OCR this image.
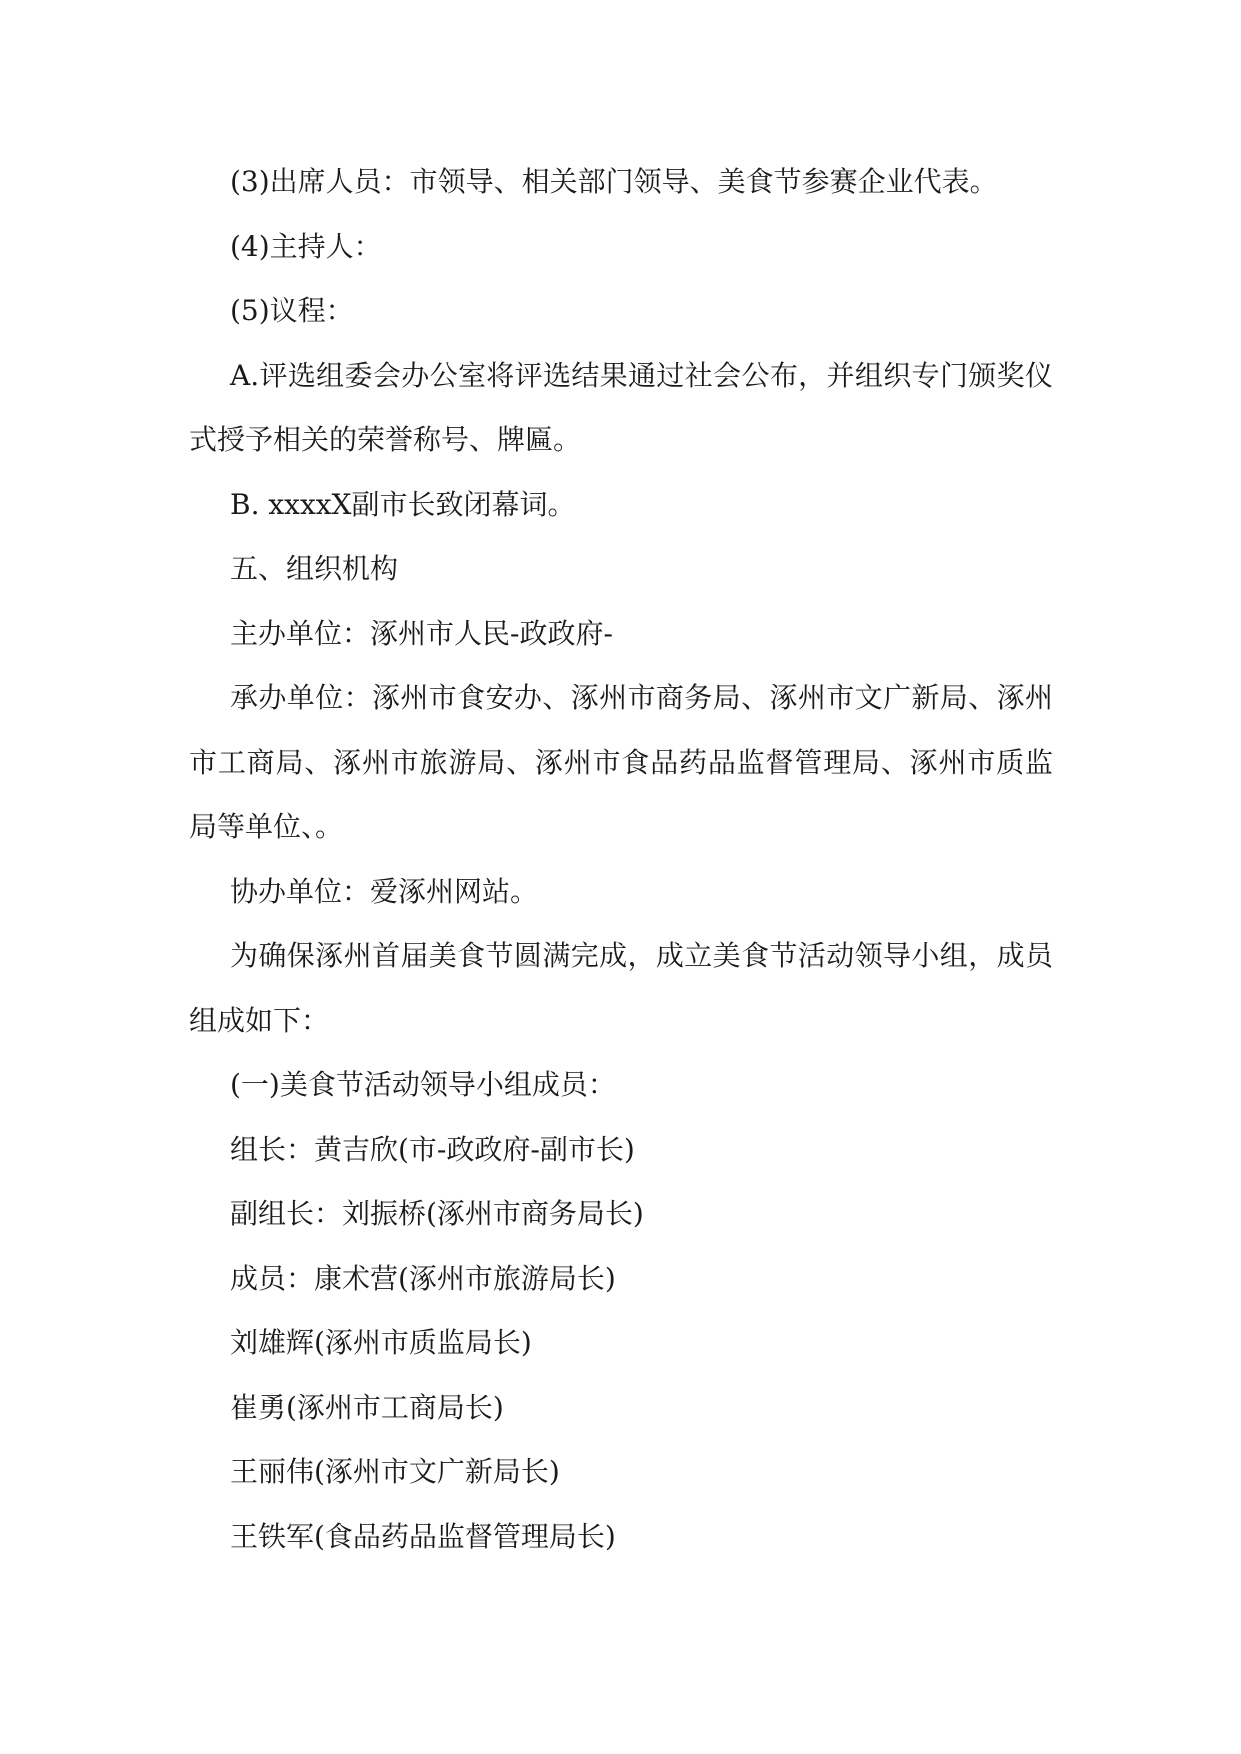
(3)出席人员：市领导、相关部门领导、美食节参赛企业代表。

(4)主持人：

(5)议程：

A.评选组委会办公室将评选结果通过社会公布，并组织专门颁奖仪式授予相关的荣誉称号、牌匾。

B. xxxxX副市长致闭幕词。

五、组织机构

主办单位：涿州市人民-政政府-

承办单位：涿州市食安办、涿州市商务局、涿州市文广新局、涿州市工商局、涿州市旅游局、涿州市食品药品监督管理局、涿州市质监局等单位、。

协办单位：爱涿州网站。

为确保涿州首届美食节圆满完成，成立美食节活动领导小组，成员组成如下：

(一)美食节活动领导小组成员：

组长：黄吉欣(市-政政府-副市长)

副组长：刘振桥(涿州市商务局长)

成员：康术营(涿州市旅游局长)

刘雄辉(涿州市质监局长)

崔勇(涿州市工商局长)

王丽伟(涿州市文广新局长)

王铁军(食品药品监督管理局长)
